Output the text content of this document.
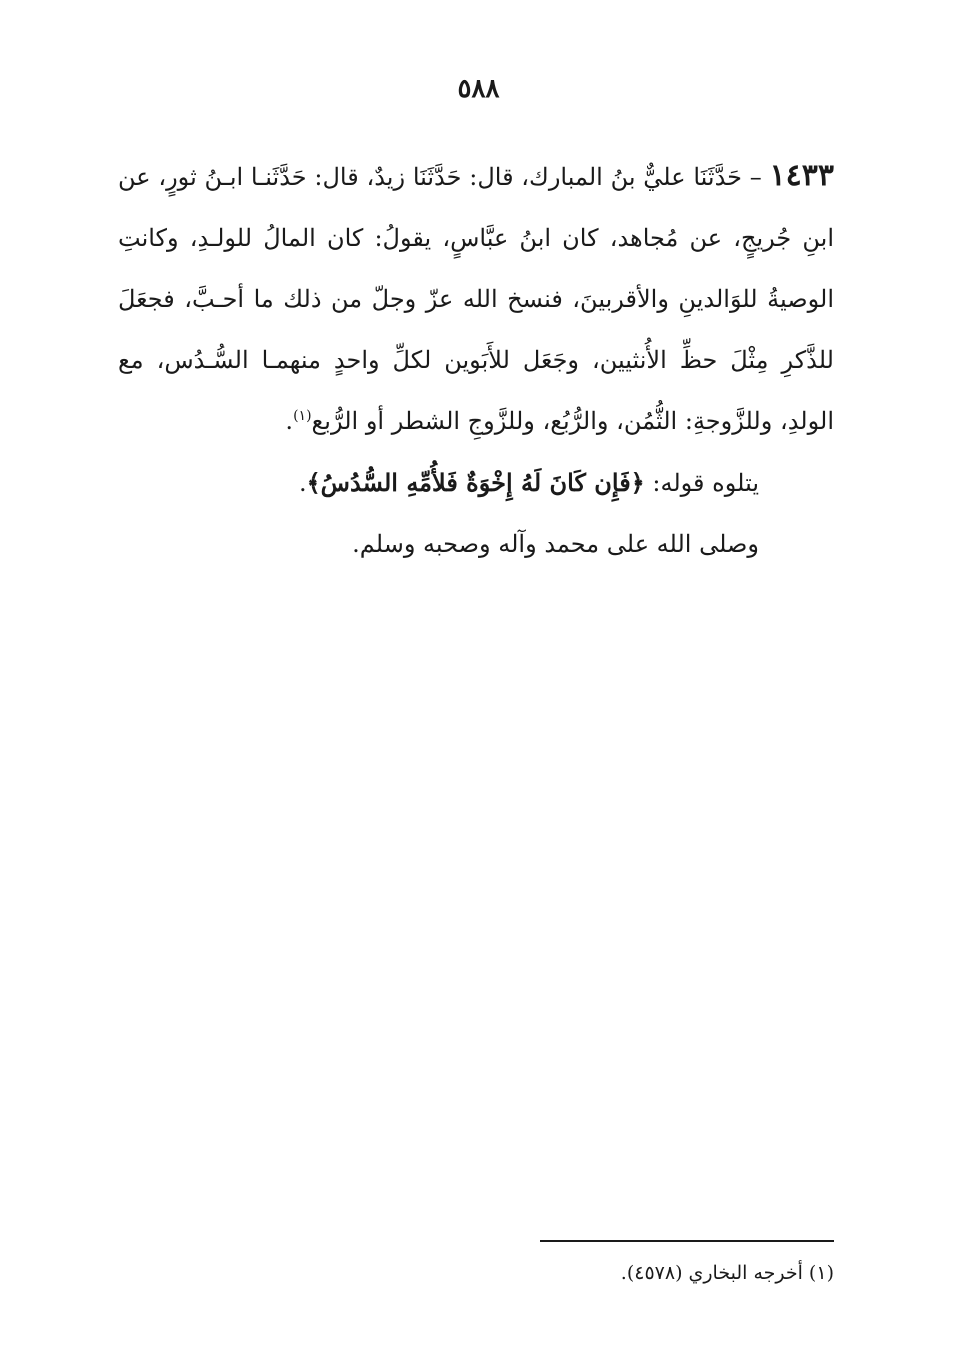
٥٨٨

١٤٣٣ – حَدَّثَنَا عليٌّ بنُ المبارك، قال: حَدَّثَنَا زيدٌ، قال: حَدَّثَنـا ابـنُ ثورٍ، عن ابنِ جُريجٍ، عن مُجاهد، كان ابنُ عبَّاسٍ، يقولُ: كان المالُ للولـدِ، وكانتِ الوصيةُ للوَالدينِ والأقربينَ، فنسخ الله عزّ وجلّ من ذلك ما أحـبَّ، فجعَلَ للذَّكرِ مِثْلَ حظِّ الأُنثيين، وجَعَل للأَبَوين لكلِّ واحدٍ منهمـا السُّـدُس، مع الولدِ، وللزَّوجةِ: الثُّمُن، والرُّبُع، وللزَّوجِ الشطر أو الرُّبع$^{(١)}$.

يتلوه قوله: ﴿فَإِن كَانَ لَهُ إِخْوَةٌ فَلأُمِّهِ السُّدُسُ﴾.

وصلى الله على محمد وآله وصحبه وسلم.

(١) أخرجه البخاري (٤٥٧٨).
